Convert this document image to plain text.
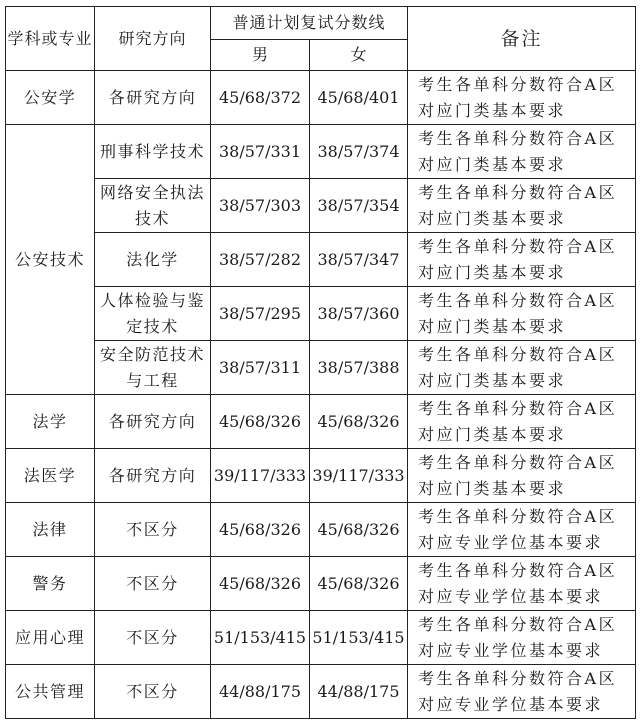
学科或专业	研究方向	普通计划复试分数线		备注
		男	女	
公安学	各研究方向	45/68/372	45/68/401	考生各单科分数符合A区对应门类基本要求
公安技术	刑事科学技术	38/57/331	38/57/374	考生各单科分数符合A区对应门类基本要求
	网络安全执法技术	38/57/303	38/57/354	考生各单科分数符合A区对应门类基本要求
	法化学	38/57/282	38/57/347	考生各单科分数符合A区对应门类基本要求
	人体检验与鉴定技术	38/57/295	38/57/360	考生各单科分数符合A区对应门类基本要求
	安全防范技术与工程	38/57/311	38/57/388	考生各单科分数符合A区对应门类基本要求
法学	各研究方向	45/68/326	45/68/326	考生各单科分数符合A区对应门类基本要求
法医学	各研究方向	39/117/333	39/117/333	考生各单科分数符合A区对应门类基本要求
法律	不区分	45/68/326	45/68/326	考生各单科分数符合A区对应专业学位基本要求
警务	不区分	45/68/326	45/68/326	考生各单科分数符合A区对应专业学位基本要求
应用心理	不区分	51/153/415	51/153/415	考生各单科分数符合A区对应专业学位基本要求
公共管理	不区分	44/88/175	44/88/175	考生各单科分数符合A区对应专业学位基本要求
